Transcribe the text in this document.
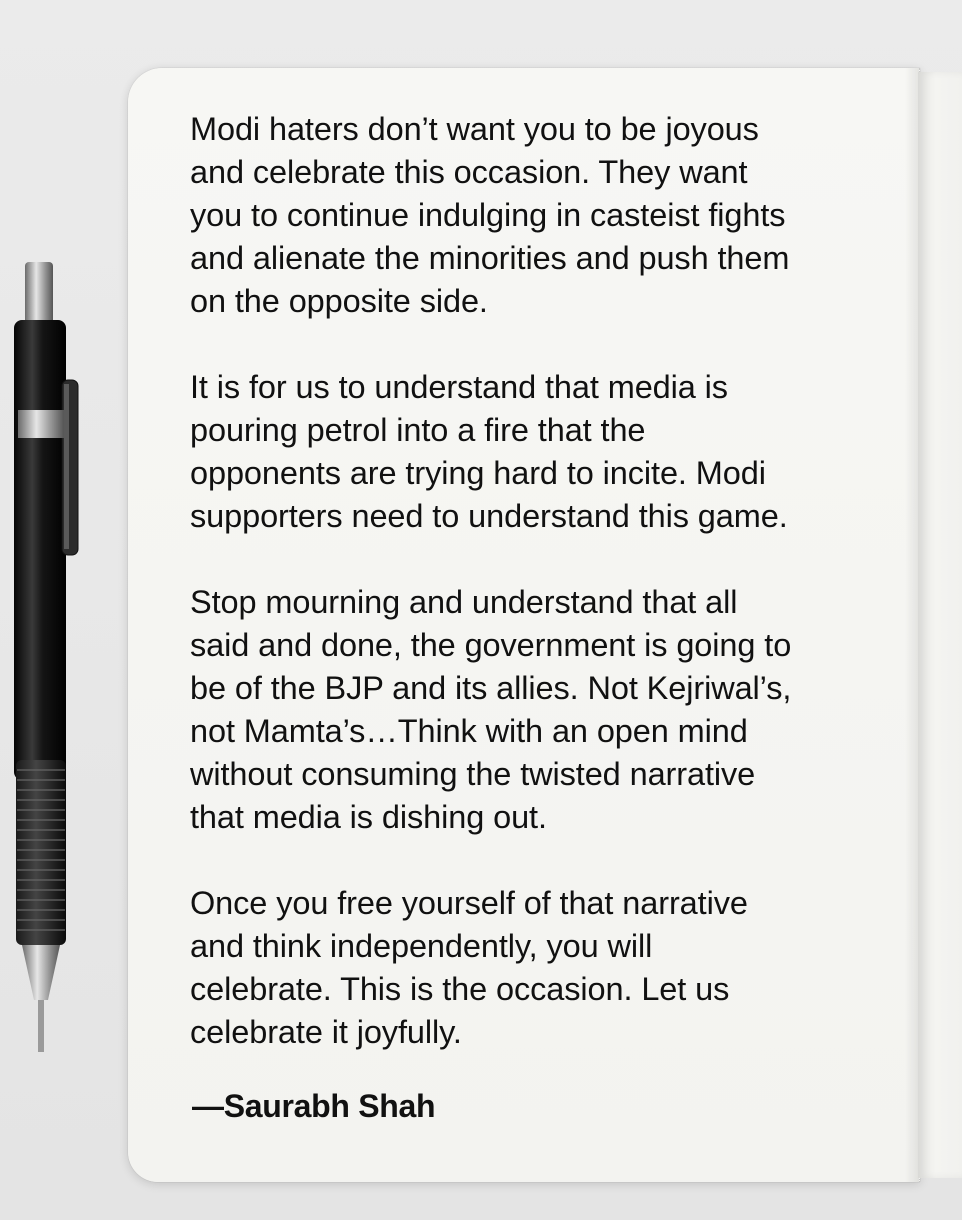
Modi haters don’t want you to be joyous
and celebrate this occasion. They want
you to continue indulging in casteist fights
and alienate the minorities and push them
on the opposite side.

It is for us to understand that media is
pouring petrol into a fire that the
opponents are trying hard to incite. Modi
supporters need to understand this game.

Stop mourning and understand that all
said and done, the government is going to
be of the BJP and its allies. Not Kejriwal’s,
not Mamta’s…Think with an open mind
without consuming the twisted narrative
that media is dishing out.

Once you free yourself of that narrative
and think independently, you will
celebrate. This is the occasion. Let us
celebrate it joyfully.

—Saurabh Shah
